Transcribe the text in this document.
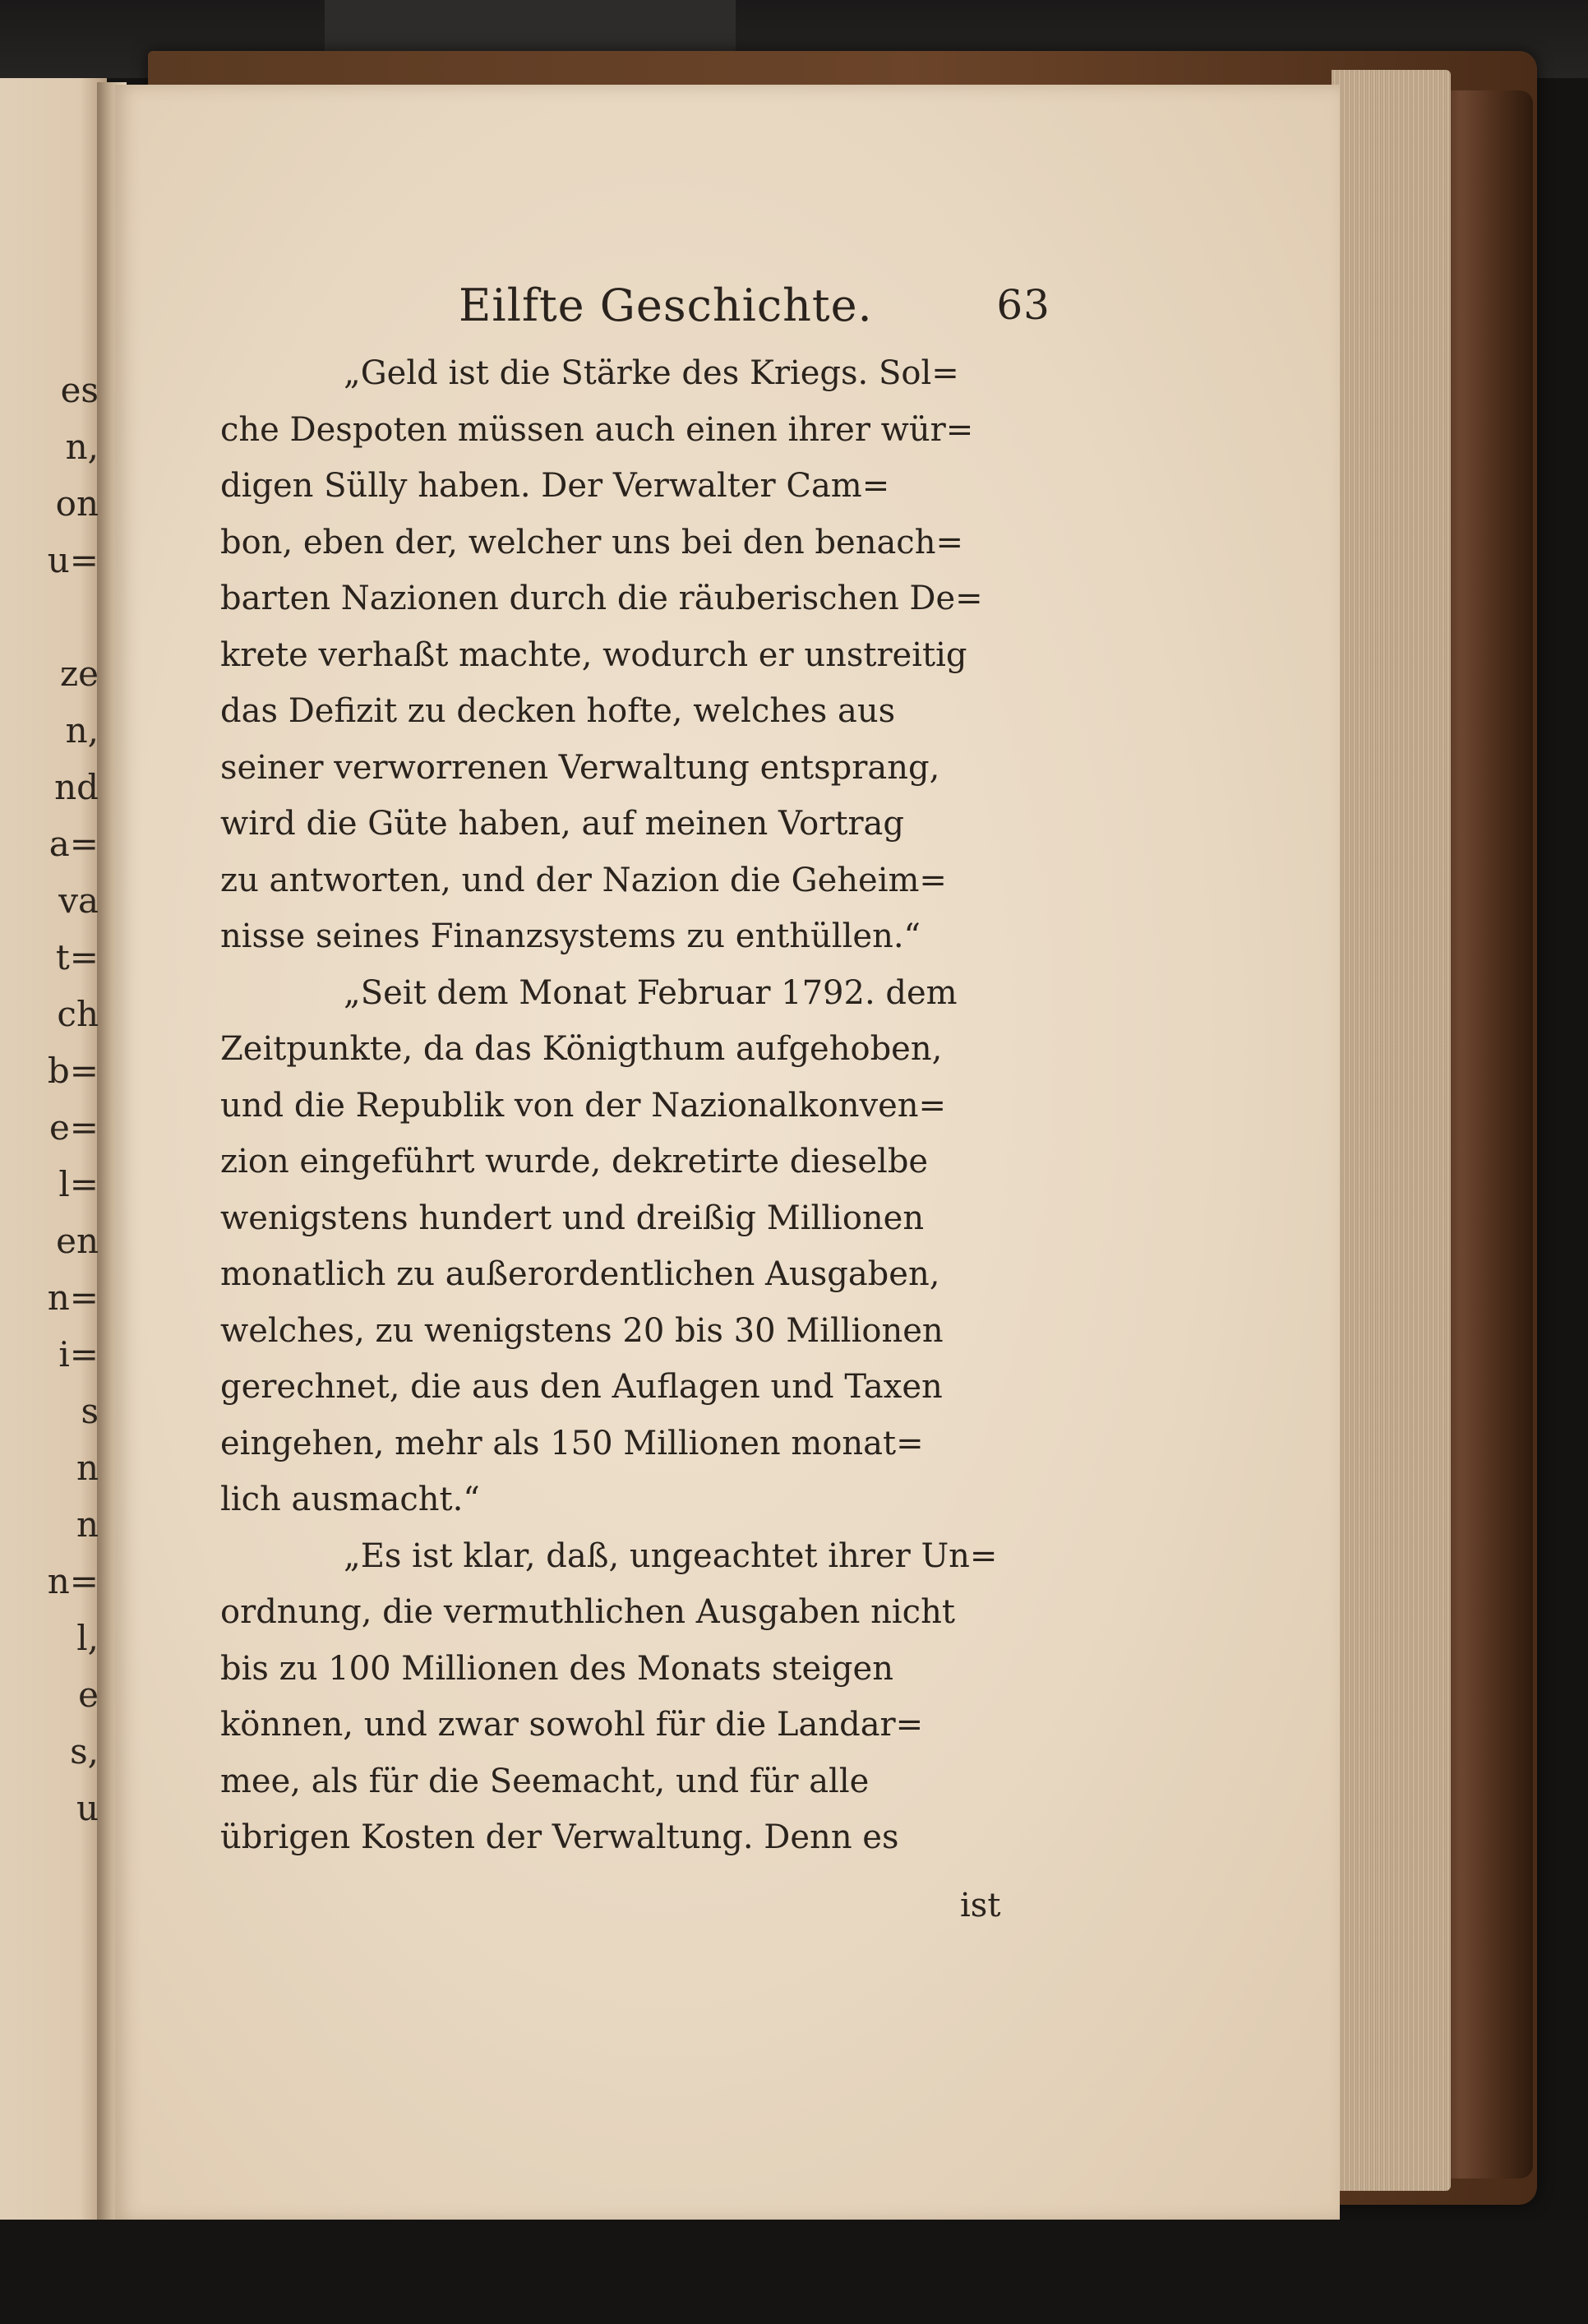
es
n,
on
u=
ze
n,
nd
a=
va
t=
ch
b=
e=
l=
en
n=
i=
s
n
n
n=
l,
e
s,
u
Eilfte Geschichte.	63

„Geld ist die Stärke des Kriegs. Sol=
che Despoten müssen auch einen ihrer wür=
digen Sülly haben. Der Verwalter Cam=
bon, eben der, welcher uns bei den benach=
barten Nazionen durch die räuberischen De=
krete verhaßt machte, wodurch er unstreitig
das Defizit zu decken hofte, welches aus
seiner verworrenen Verwaltung entsprang,
wird die Güte haben, auf meinen Vortrag
zu antworten, und der Nazion die Geheim=
nisse seines Finanzsystems zu enthüllen.“

„Seit dem Monat Februar 1792. dem
Zeitpunkte, da das Königthum aufgehoben,
und die Republik von der Nazionalkonven=
zion eingeführt wurde, dekretirte dieselbe
wenigstens hundert und dreißig Millionen
monatlich zu außerordentlichen Ausgaben,
welches, zu wenigstens 20 bis 30 Millionen
gerechnet, die aus den Auflagen und Taxen
eingehen, mehr als 150 Millionen monat=
lich ausmacht.“

„Es ist klar, daß, ungeachtet ihrer Un=
ordnung, die vermuthlichen Ausgaben nicht
bis zu 100 Millionen des Monats steigen
können, und zwar sowohl für die Landar=
mee, als für die Seemacht, und für alle
übrigen Kosten der Verwaltung. Denn es

ist
